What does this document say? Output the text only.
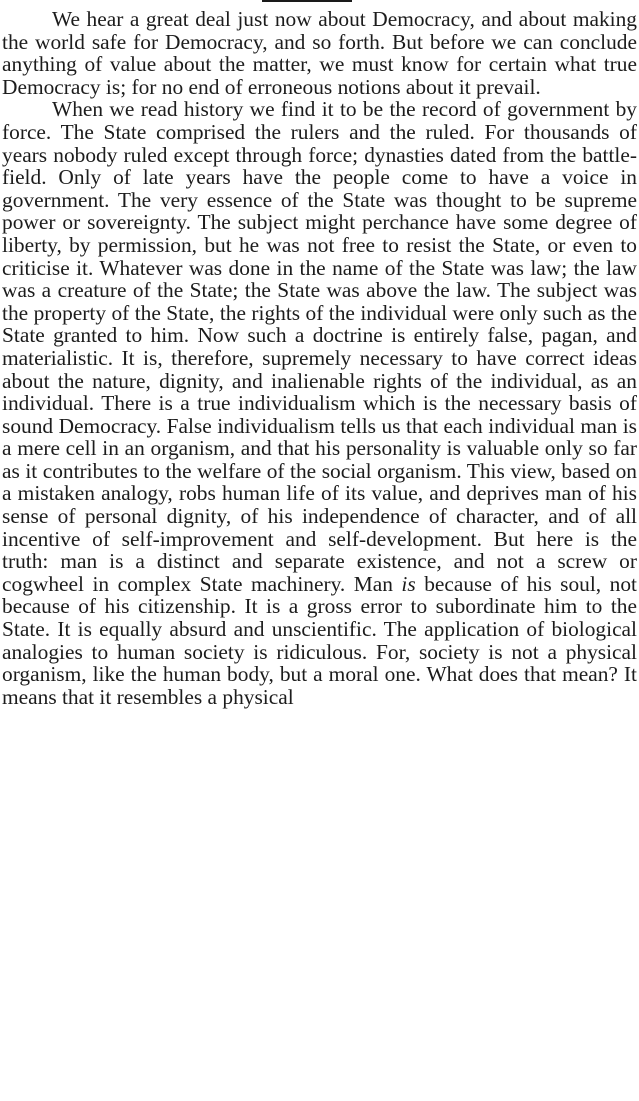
We hear a great deal just now about Democracy, and about making the world safe for Democracy, and so forth. But before we can conclude anything of value about the matter, we must know for certain what true Democracy is; for no end of erroneous notions about it prevail.

When we read history we find it to be the record of government by force. The State comprised the rulers and the ruled. For thousands of years nobody ruled except through force; dynasties dated from the battlefield. Only of late years have the people come to have a voice in government. The very essence of the State was thought to be supreme power or sovereignty. The subject might perchance have some degree of liberty, by permission, but he was not free to resist the State, or even to criticise it. Whatever was done in the name of the State was law; the law was a creature of the State; the State was above the law. The subject was the property of the State, the rights of the individual were only such as the State granted to him. Now such a doctrine is entirely false, pagan, and materialistic. It is, therefore, supremely necessary to have correct ideas about the nature, dignity, and inalienable rights of the individual, as an individual. There is a true individualism which is the necessary basis of sound Democracy. False individualism tells us that each individual man is a mere cell in an organism, and that his personality is valuable only so far as it contributes to the welfare of the social organism. This view, based on a mistaken analogy, robs human life of its value, and deprives man of his sense of personal dignity, of his independence of character, and of all incentive of self-improvement and self-development. But here is the truth: man is a distinct and separate existence, and not a screw or cogwheel in complex State machinery. Man is because of his soul, not because of his citizenship. It is a gross error to subordinate him to the State. It is equally absurd and unscientific. The application of biological analogies to human society is ridiculous. For, society is not a physical organism, like the human body, but a moral one. What does that mean? It means that it resembles a physical
